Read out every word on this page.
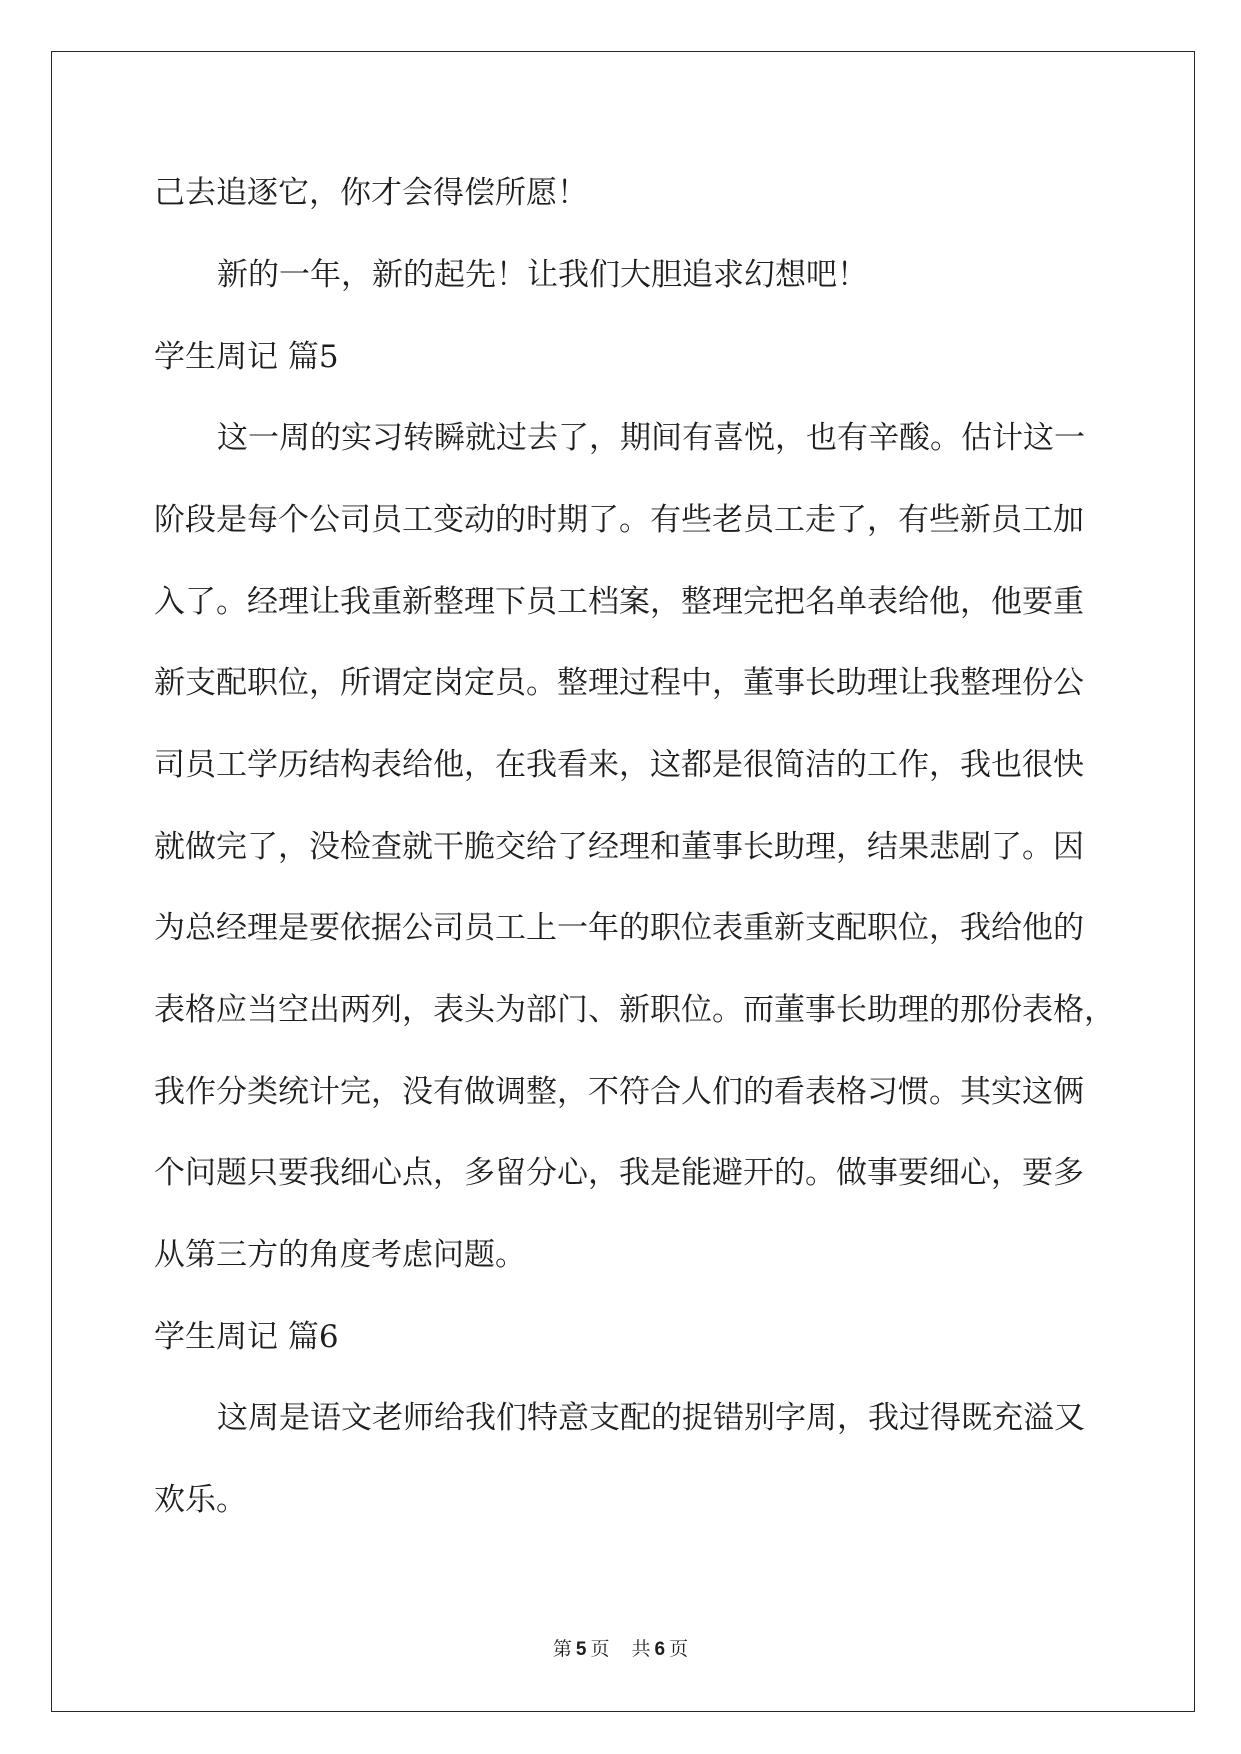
己去追逐它，你才会得偿所愿！
新的一年，新的起先！让我们大胆追求幻想吧！
学生周记 篇5
这一周的实习转瞬就过去了，期间有喜悦，也有辛酸。估计这一
阶段是每个公司员工变动的时期了。有些老员工走了，有些新员工加
入了。经理让我重新整理下员工档案，整理完把名单表给他，他要重
新支配职位，所谓定岗定员。整理过程中，董事长助理让我整理份公
司员工学历结构表给他，在我看来，这都是很简洁的工作，我也很快
就做完了，没检查就干脆交给了经理和董事长助理，结果悲剧了。因
为总经理是要依据公司员工上一年的职位表重新支配职位，我给他的
表格应当空出两列，表头为部门、新职位。而董事长助理的那份表格，
我作分类统计完，没有做调整，不符合人们的看表格习惯。其实这俩
个问题只要我细心点，多留分心，我是能避开的。做事要细心，要多
从第三方的角度考虑问题。
学生周记 篇6
这周是语文老师给我们特意支配的捉错别字周，我过得既充溢又
欢乐。
第 5 页 共 6 页
